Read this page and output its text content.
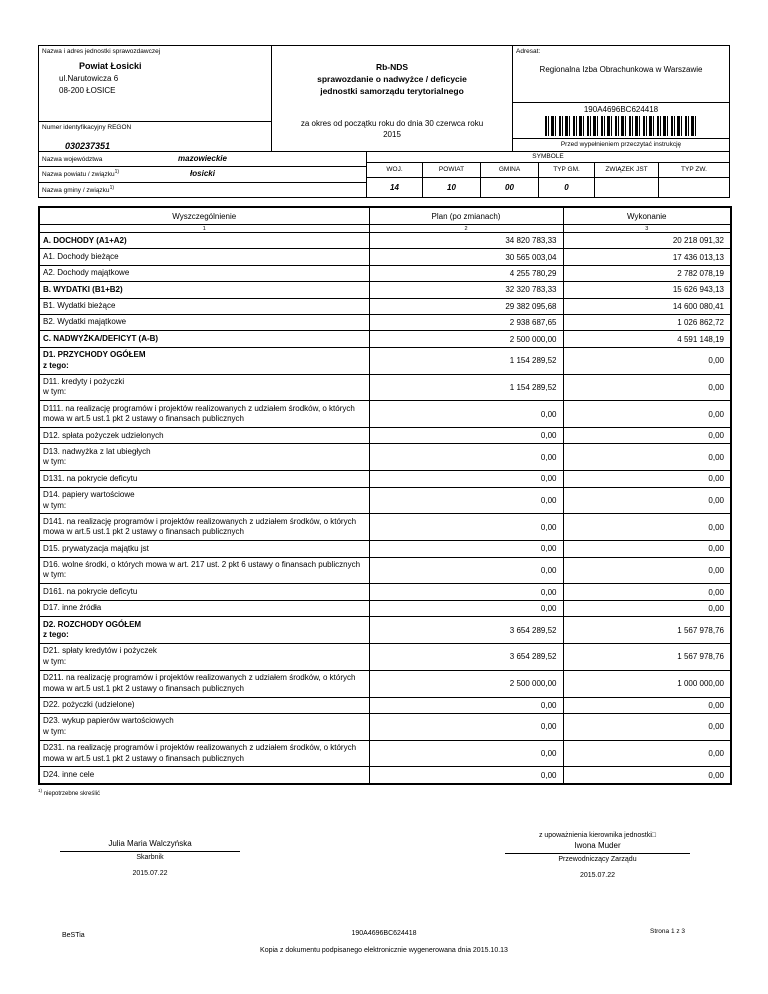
Nazwa i adres jednostki sprawozdawczej
Powiat Łosicki
ul.Narutowicza 6
08-200 ŁOSICE
Numer identyfikacyjny REGON
030237351
Rb-NDS
sprawozdanie o nadwyżce / deficycie
jednostki samorządu terytorialnego
za okres od początku roku do dnia 30 czerwca roku
2015
Adresat:
Regionalna Izba Obrachunkowa w Warszawie
190A4696BC624418
Przed wypełnieniem przeczytać instrukcję
Nazwa województwa	mazowieckie
Nazwa powiatu / związku$^{1)}$	łosicki
Nazwa gminy / związku$^{1)}$
SYMBOLE
WOJ.	POWIAT	GMINA	TYP GM.	ZWIĄZEK JST	TYP ZW.
14	10	00	0
Wyszczególnienie	Plan (po zmianach)	Wykonanie
1	2	3

A. DOCHODY (A1+A2)	34 820 783,33	20 218 091,32

A1. Dochody bieżące	30 565 003,04	17 436 013,13

A2. Dochody majątkowe	4 255 780,29	2 782 078,19

B. WYDATKI (B1+B2)	32 320 783,33	15 626 943,13

B1. Wydatki bieżące	29 382 095,68	14 600 080,41

B2. Wydatki majątkowe	2 938 687,65	1 026 862,72

C. NADWYŻKA/DEFICYT (A-B)	2 500 000,00	4 591 148,19

D1. PRZYCHODY OGÓŁEM
z tego:	1 154 289,52	0,00

D11. kredyty i pożyczki
w tym:	1 154 289,52	0,00

D111. na realizację programów i projektów realizowanych z udziałem środków, o których mowa w art.5 ust.1 pkt 2 ustawy o finansach publicznych	0,00	0,00

D12. spłata pożyczek udzielonych	0,00	0,00

D13. nadwyżka z lat ubiegłych
w tym:	0,00	0,00

D131. na pokrycie deficytu	0,00	0,00

D14. papiery wartościowe
w tym:	0,00	0,00

D141. na realizację programów i projektów realizowanych z udziałem środków, o których mowa w art.5 ust.1 pkt 2 ustawy o finansach publicznych	0,00	0,00

D15. prywatyzacja majątku jst	0,00	0,00

D16. wolne środki, o których mowa w art. 217 ust. 2 pkt 6 ustawy o finansach publicznych
w tym:	0,00	0,00

D161. na pokrycie deficytu	0,00	0,00

D17. inne źródła	0,00	0,00

D2. ROZCHODY OGÓŁEM
z tego:	3 654 289,52	1 567 978,76

D21. spłaty kredytów i pożyczek
w tym:	3 654 289,52	1 567 978,76

D211. na realizację programów i projektów realizowanych z udziałem środków, o których mowa w art.5 ust.1 pkt 2 ustawy o finansach publicznych	2 500 000,00	1 000 000,00

D22. pożyczki (udzielone)	0,00	0,00

D23. wykup papierów wartościowych
w tym:	0,00	0,00

D231. na realizację programów i projektów realizowanych z udziałem środków, o których mowa w art.5 ust.1 pkt 2 ustawy o finansach publicznych	0,00	0,00

D24. inne cele	0,00	0,00
$^{1)}$ niepotrzebne skreślić
Julia Maria Walczyńska
Skarbnik
2015.07.22
z upoważnienia kierownika jednostki□
Iwona Muder
Przewodniczący Zarządu
2015.07.22
BeSTia	190A4696BC624418	Strona 1 z 3
Kopia z dokumentu podpisanego elektronicznie wygenerowana dnia 2015.10.13
